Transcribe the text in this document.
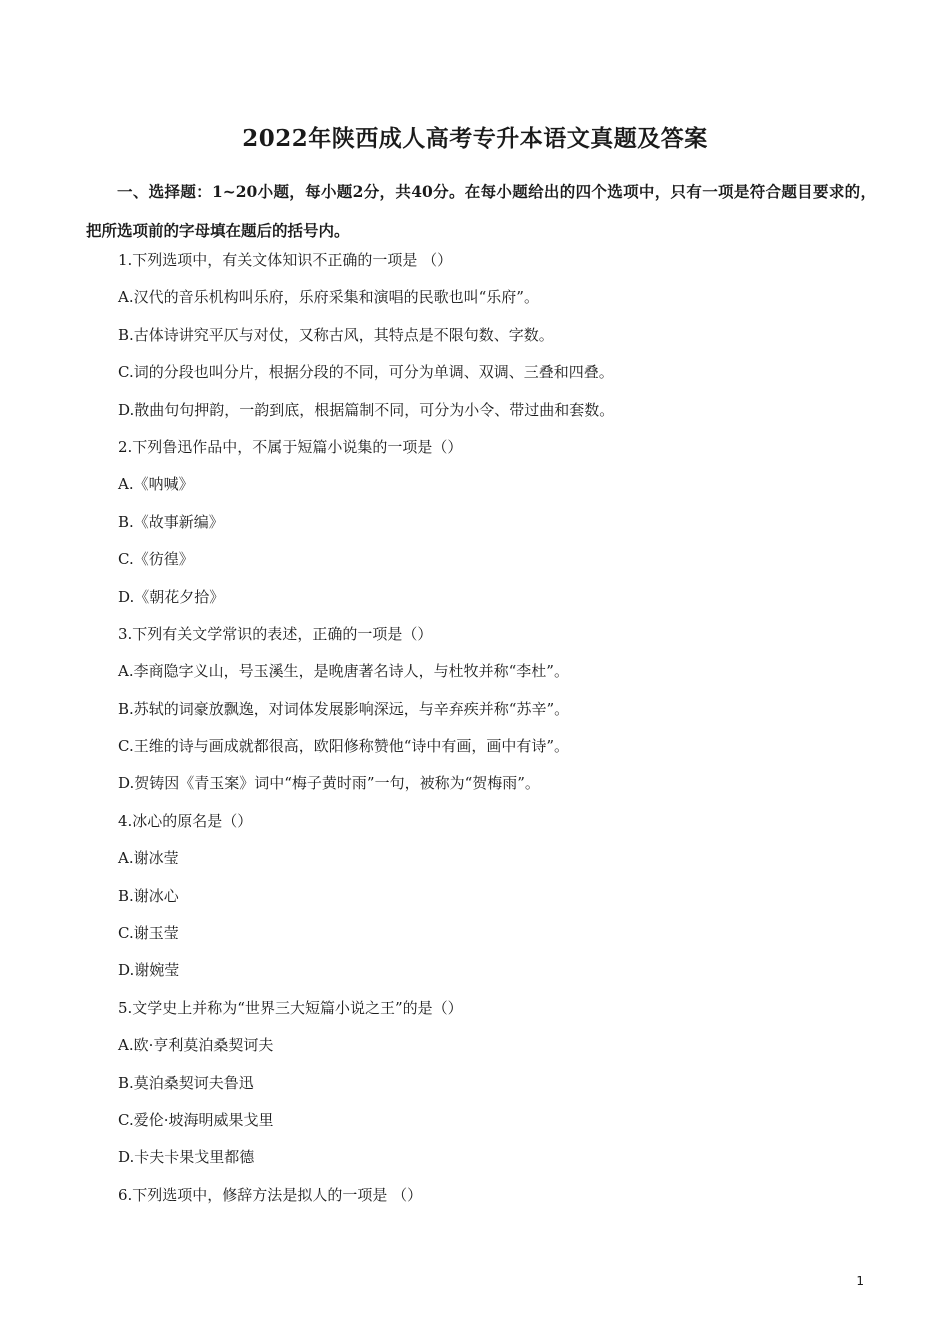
2022年陕西成人高考专升本语文真题及答案
一、选择题：1~20小题，每小题2分，共40分。在每小题给出的四个选项中，只有一项是符合题目要求的，把所选项前的字母填在题后的括号内。
1.下列选项中，有关文体知识不正确的一项是 （）
A.汉代的音乐机构叫乐府，乐府采集和演唱的民歌也叫“乐府”。
B.古体诗讲究平仄与对仗，又称古风，其特点是不限句数、字数。
C.词的分段也叫分片，根据分段的不同，可分为单调、双调、三叠和四叠。
D.散曲句句押韵，一韵到底，根据篇制不同，可分为小令、带过曲和套数。
2.下列鲁迅作品中，不属于短篇小说集的一项是（）
A.《呐喊》
B.《故事新编》
C.《彷徨》
D.《朝花夕拾》
3.下列有关文学常识的表述，正确的一项是（）
A.李商隐字义山，号玉溪生，是晚唐著名诗人，与杜牧并称“李杜”。
B.苏轼的词豪放飘逸，对词体发展影响深远，与辛弃疾并称“苏辛”。
C.王维的诗与画成就都很高，欧阳修称赞他“诗中有画，画中有诗”。
D.贺铸因《青玉案》词中“梅子黄时雨”一句，被称为“贺梅雨”。
4.冰心的原名是（）
A.谢冰莹
B.谢冰心
C.谢玉莹
D.谢婉莹
5.文学史上并称为“世界三大短篇小说之王”的是（）
A.欧·亨利莫泊桑契诃夫
B.莫泊桑契诃夫鲁迅
C.爱伦·坡海明威果戈里
D.卡夫卡果戈里都德
6.下列选项中，修辞方法是拟人的一项是 （）
1
